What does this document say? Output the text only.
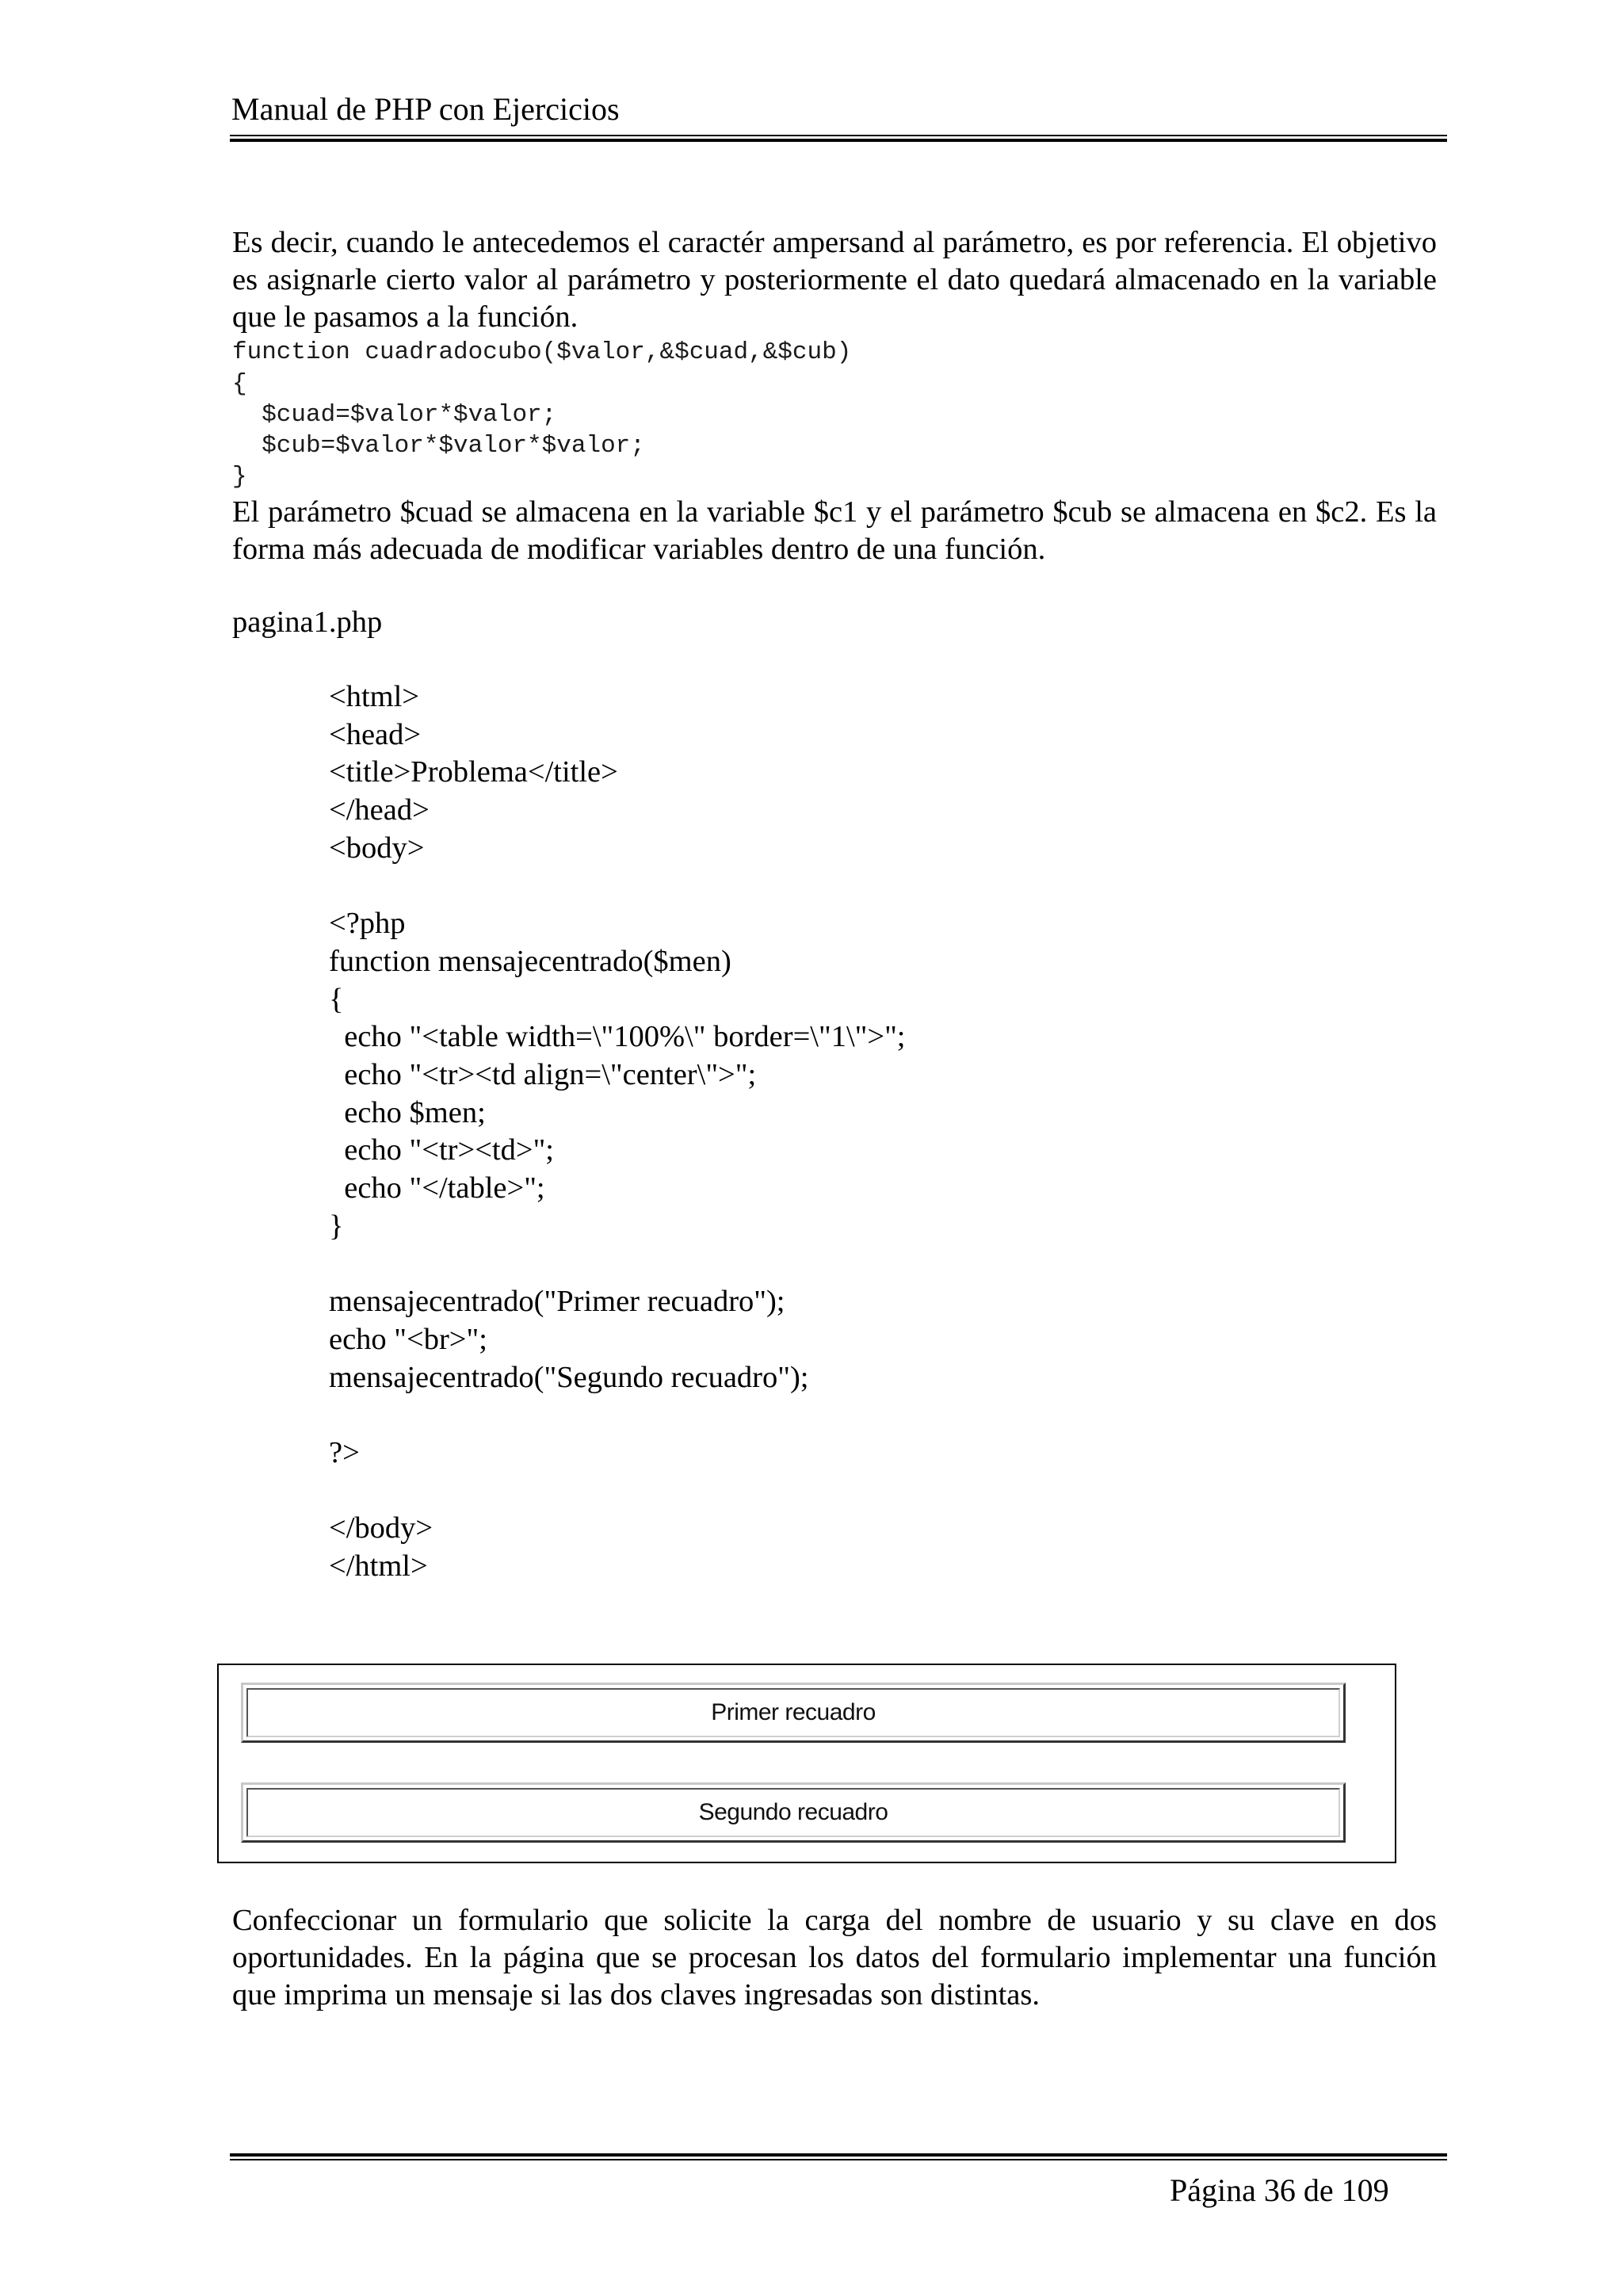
Manual de PHP con Ejercicios
Es decir, cuando le antecedemos el caractér ampersand al parámetro, es por referencia. El objetivo es asignarle cierto valor al parámetro y posteriormente el dato quedará almacenado en la variable que le pasamos a la función.
function cuadradocubo($valor,&$cuad,&$cub)
{
$cuad=$valor*$valor;
$cub=$valor*$valor*$valor;
}
El parámetro $cuad se almacena en la variable $c1 y el parámetro $cub se almacena en $c2. Es la forma más adecuada de modificar variables dentro de una función.
pagina1.php
<html>
<head>
<title>Problema</title>
</head>
<body>

<?php
function mensajecentrado($men)
{
echo "<table width=\"100%\" border=\"1\">";
echo "<tr><td align=\"center\">";
echo $men;
echo "<tr><td>";
echo "</table>";
}

mensajecentrado("Primer recuadro");
echo "<br>";
mensajecentrado("Segundo recuadro");

?>

</body>
</html>
Primer recuadro
Segundo recuadro
Confeccionar un formulario que solicite la carga del nombre de usuario y su clave en dos oportunidades. En la página que se procesan los datos del formulario implementar una función que imprima un mensaje si las dos claves ingresadas son distintas.
Página 36 de 109
